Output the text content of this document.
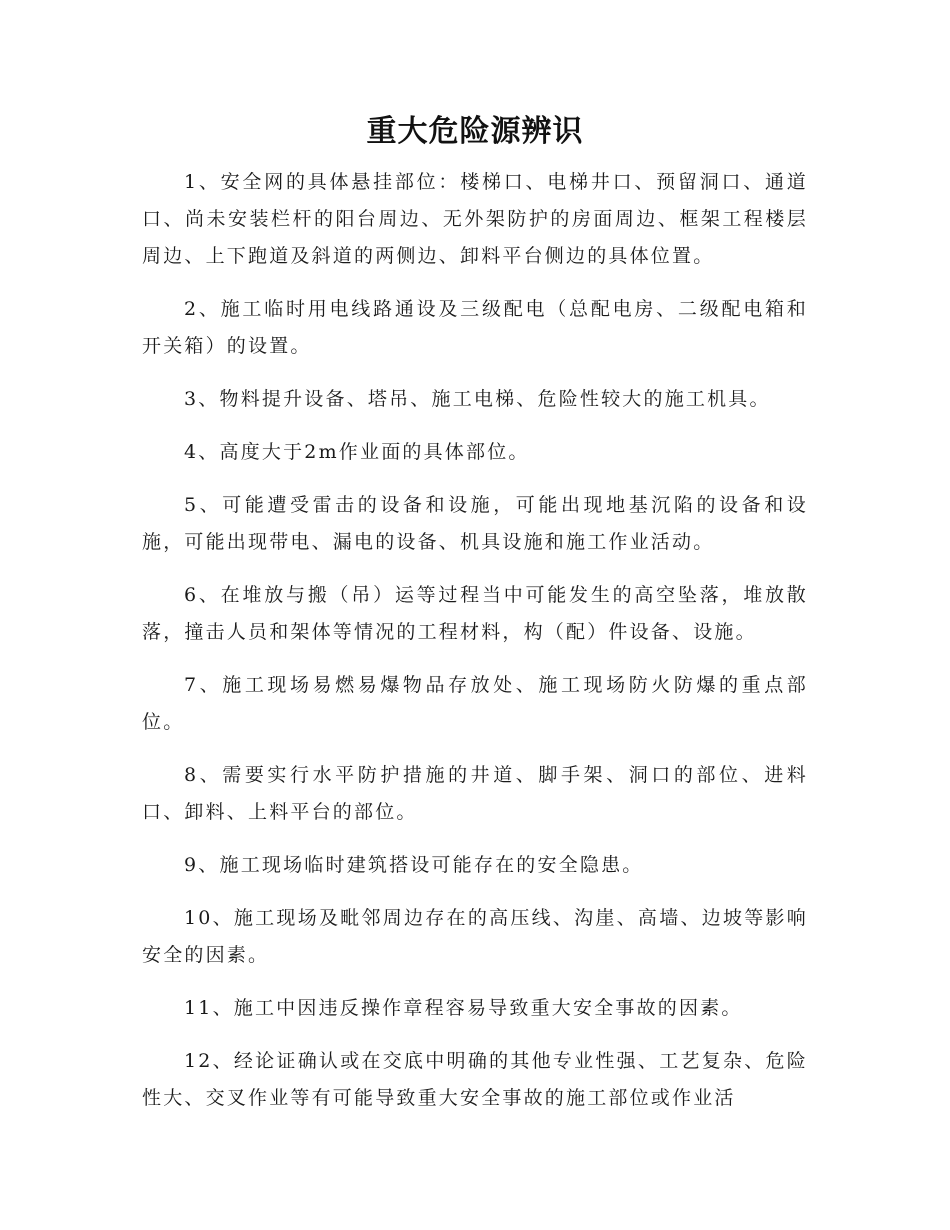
重大危险源辨识

1、安全网的具体悬挂部位：楼梯口、电梯井口、预留洞口、通道口、尚未安装栏杆的阳台周边、无外架防护的房面周边、框架工程楼层周边、上下跑道及斜道的两侧边、卸料平台侧边的具体位置。

2、施工临时用电线路通设及三级配电（总配电房、二级配电箱和开关箱）的设置。

3、物料提升设备、塔吊、施工电梯、危险性较大的施工机具。

4、高度大于2m作业面的具体部位。

5、可能遭受雷击的设备和设施，可能出现地基沉陷的设备和设施，可能出现带电、漏电的设备、机具设施和施工作业活动。

6、在堆放与搬（吊）运等过程当中可能发生的高空坠落，堆放散落，撞击人员和架体等情况的工程材料，构（配）件设备、设施。

7、施工现场易燃易爆物品存放处、施工现场防火防爆的重点部位。

8、需要实行水平防护措施的井道、脚手架、洞口的部位、进料口、卸料、上料平台的部位。

9、施工现场临时建筑搭设可能存在的安全隐患。

10、施工现场及毗邻周边存在的高压线、沟崖、高墙、边坡等影响安全的因素。

11、施工中因违反操作章程容易导致重大安全事故的因素。

12、经论证确认或在交底中明确的其他专业性强、工艺复杂、危险性大、交叉作业等有可能导致重大安全事故的施工部位或作业活
